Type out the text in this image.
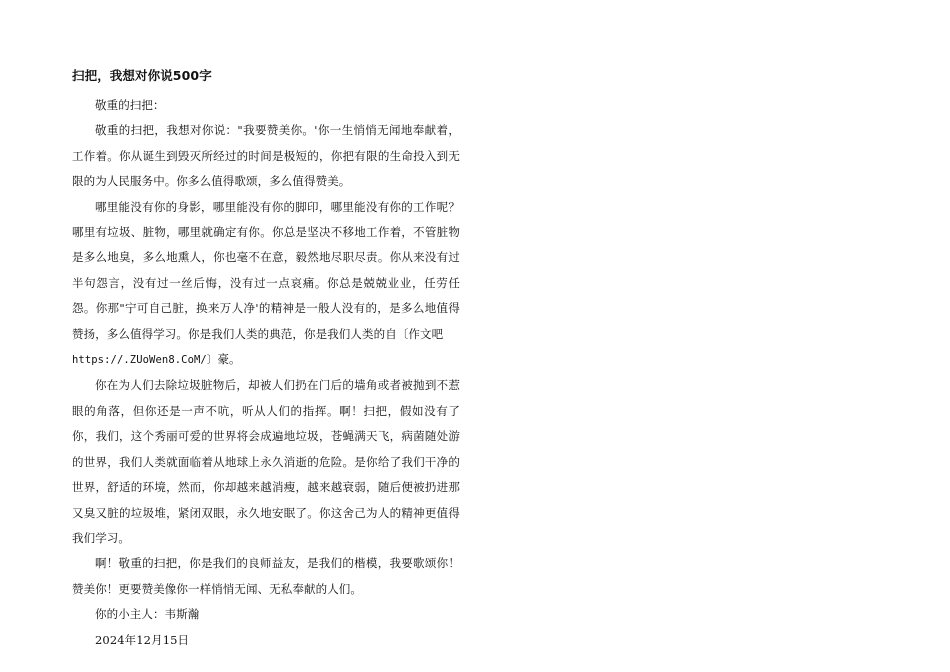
扫把，我想对你说500字

敬重的扫把：

敬重的扫把，我想对你说："我要赞美你。'你一生悄悄无闻地奉献着，工作着。你从诞生到毁灭所经过的时间是极短的，你把有限的生命投入到无限的为人民服务中。你多么值得歌颂，多么值得赞美。

哪里能没有你的身影，哪里能没有你的脚印，哪里能没有你的工作呢？哪里有垃圾、脏物，哪里就确定有你。你总是坚决不移地工作着，不管脏物是多么地臭，多么地熏人，你也毫不在意，毅然地尽职尽责。你从来没有过半句怨言，没有过一丝后悔，没有过一点哀痛。你总是兢兢业业，任劳任怨。你那"宁可自己脏，换来万人净'的精神是一般人没有的，是多么地值得赞扬，多么值得学习。你是我们人类的典范，你是我们人类的自〔作文吧

https://.ZUoWen8.CoM/〕豪。

你在为人们去除垃圾脏物后，却被人们扔在门后的墙角或者被抛到不惹眼的角落，但你还是一声不吭，听从人们的指挥。啊！扫把，假如没有了你，我们，这个秀丽可爱的世界将会成遍地垃圾，苍蝇满天飞，病菌随处游的世界，我们人类就面临着从地球上永久消逝的危险。是你给了我们干净的世界，舒适的环境，然而，你却越来越消瘦，越来越衰弱，随后便被扔进那又臭又脏的垃圾堆，紧闭双眼，永久地安眠了。你这舍己为人的精神更值得我们学习。

啊！敬重的扫把，你是我们的良师益友，是我们的楷模，我要歌颂你！赞美你！更要赞美像你一样悄悄无闻、无私奉献的人们。

你的小主人：韦斯瀚

2024年12月15日
